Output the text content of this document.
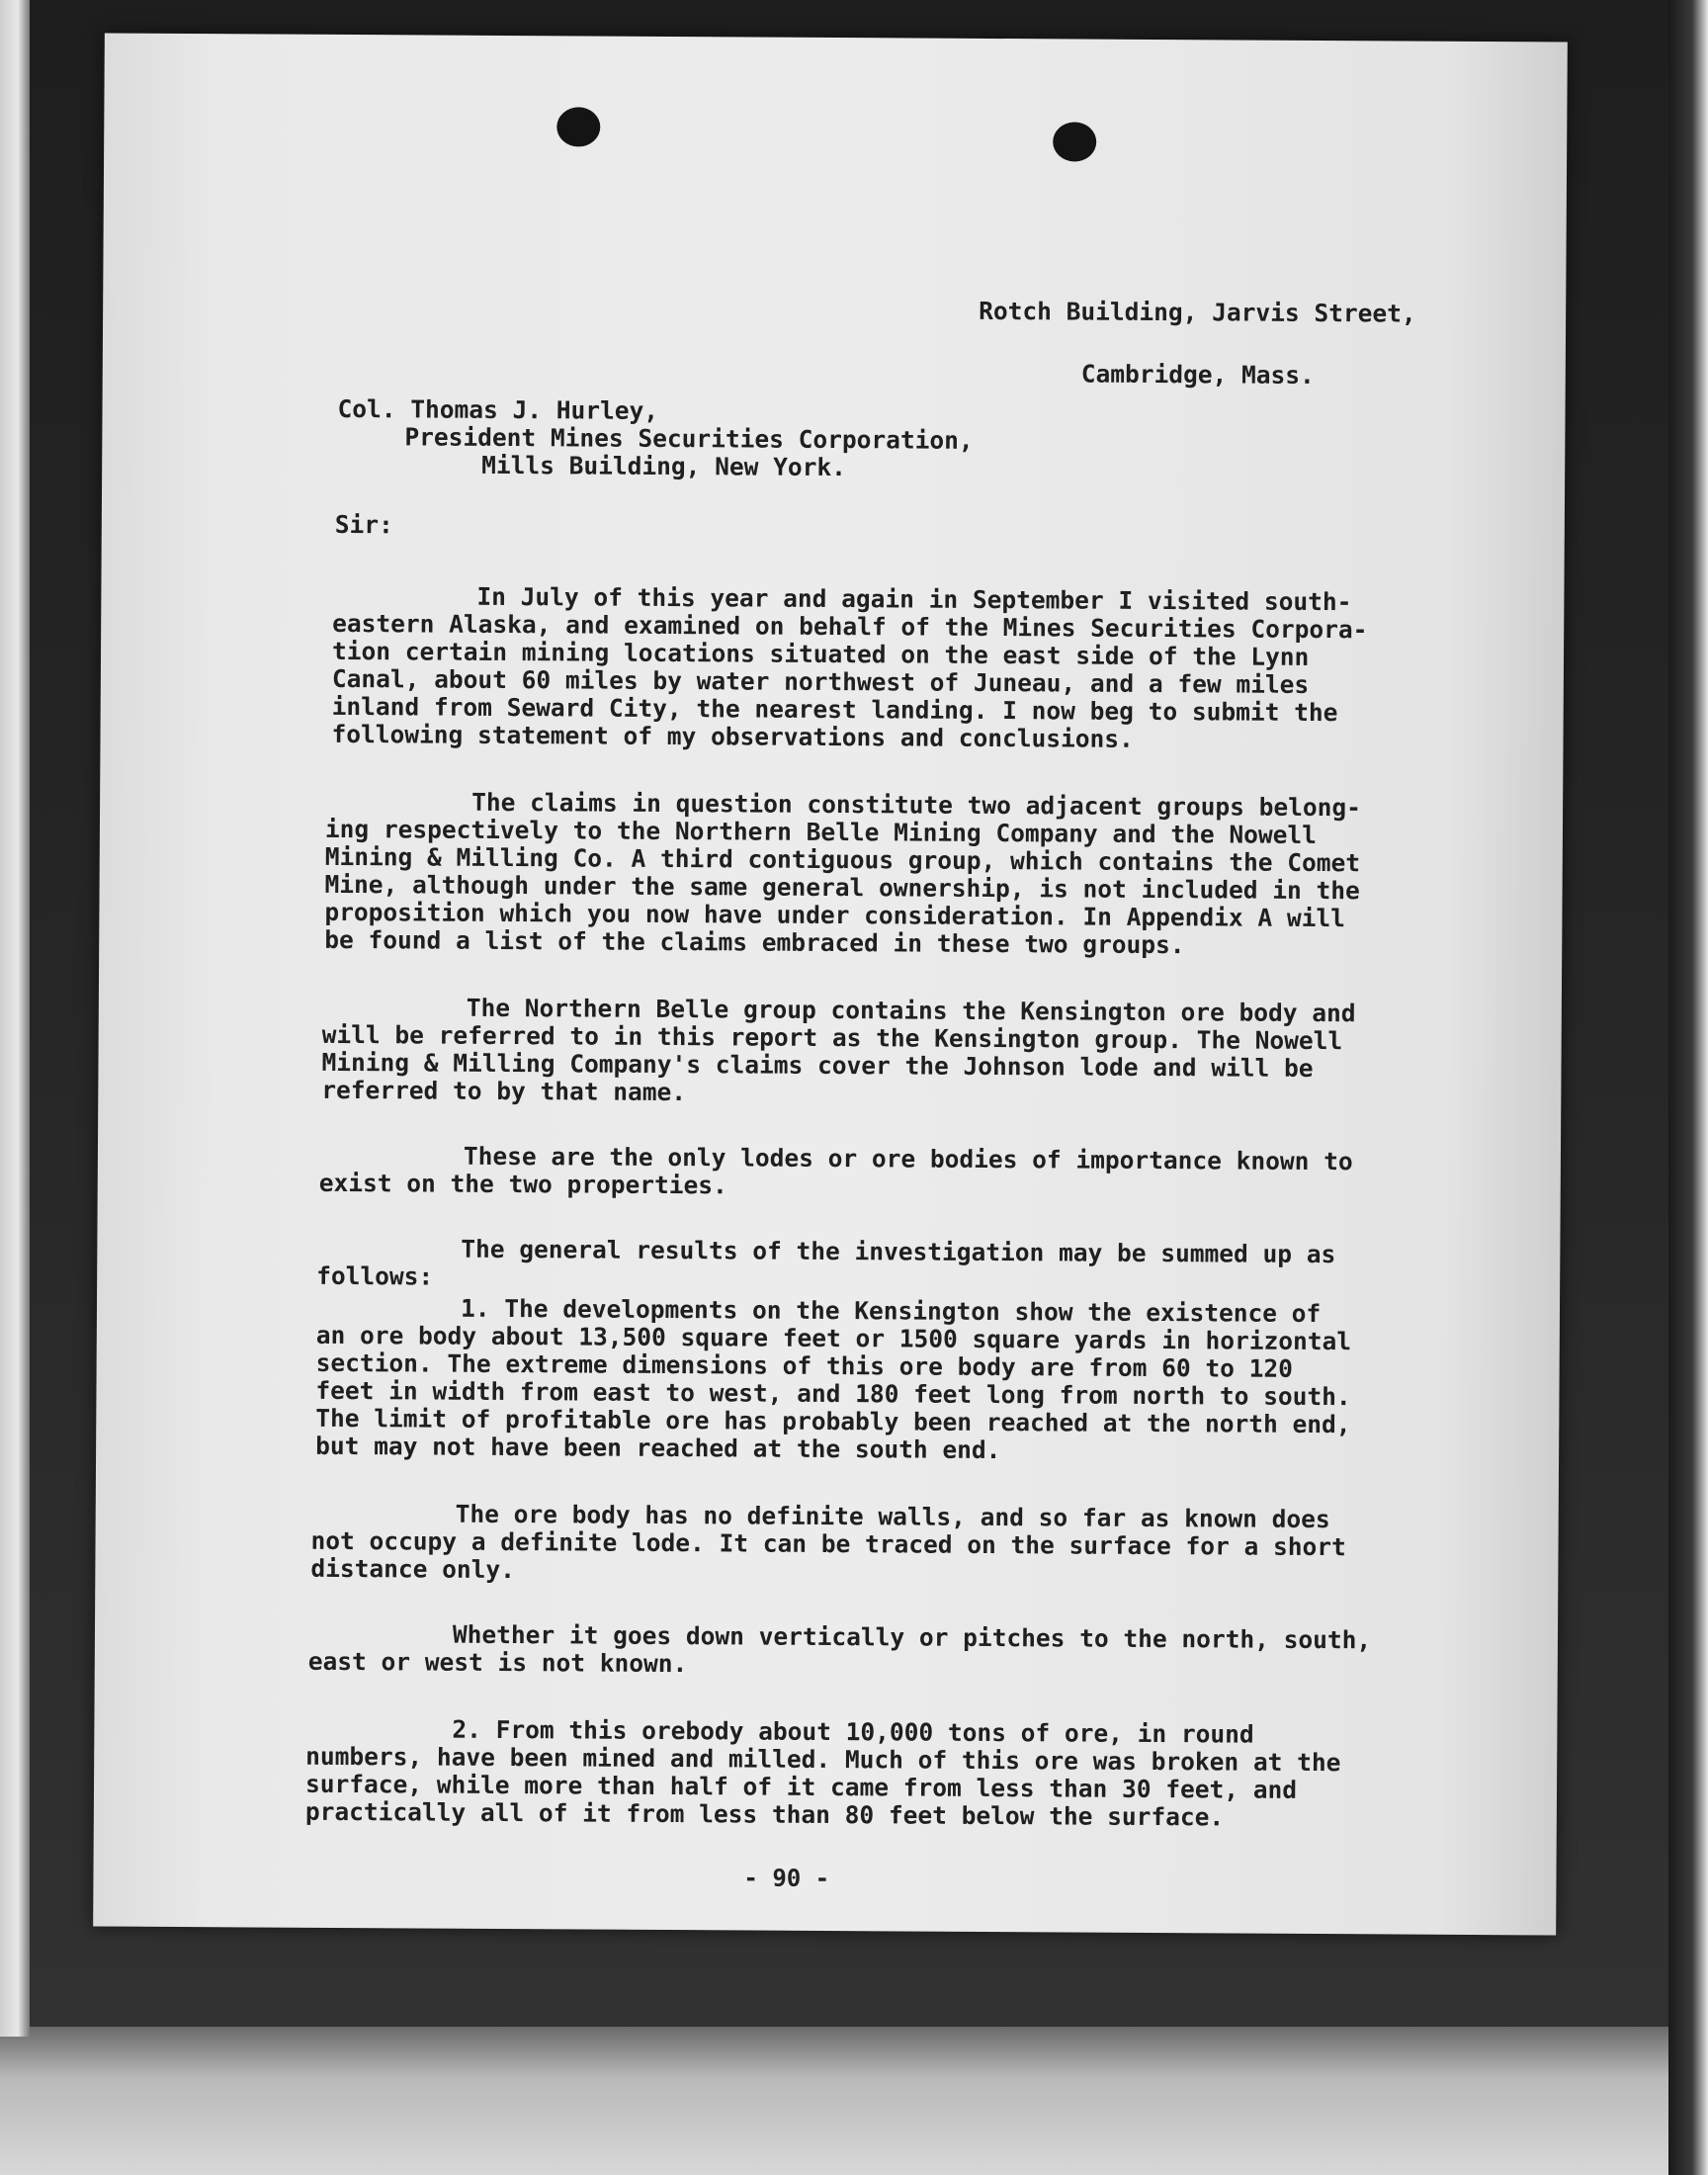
Rotch Building, Jarvis Street,
Cambridge, Mass.
Col. Thomas J. Hurley,
President Mines Securities Corporation,
Mills Building, New York.
Sir:
In July of this year and again in September I visited south-
eastern Alaska, and examined on behalf of the Mines Securities Corpora-
tion certain mining locations situated on the east side of the Lynn
Canal, about 60 miles by water northwest of Juneau, and a few miles
inland from Seward City, the nearest landing. I now beg to submit the
following statement of my observations and conclusions.
The claims in question constitute two adjacent groups belong-
ing respectively to the Northern Belle Mining Company and the Nowell
Mining & Milling Co. A third contiguous group, which contains the Comet
Mine, although under the same general ownership, is not included in the
proposition which you now have under consideration. In Appendix A will
be found a list of the claims embraced in these two groups.
The Northern Belle group contains the Kensington ore body and
will be referred to in this report as the Kensington group. The Nowell
Mining & Milling Company's claims cover the Johnson lode and will be
referred to by that name.
These are the only lodes or ore bodies of importance known to
exist on the two properties.
The general results of the investigation may be summed up as
follows:
1. The developments on the Kensington show the existence of
an ore body about 13,500 square feet or 1500 square yards in horizontal
section. The extreme dimensions of this ore body are from 60 to 120
feet in width from east to west, and 180 feet long from north to south.
The limit of profitable ore has probably been reached at the north end,
but may not have been reached at the south end.
The ore body has no definite walls, and so far as known does
not occupy a definite lode. It can be traced on the surface for a short
distance only.
Whether it goes down vertically or pitches to the north, south,
east or west is not known.
2. From this orebody about 10,000 tons of ore, in round
numbers, have been mined and milled. Much of this ore was broken at the
surface, while more than half of it came from less than 30 feet, and
practically all of it from less than 80 feet below the surface.
- 90 -
